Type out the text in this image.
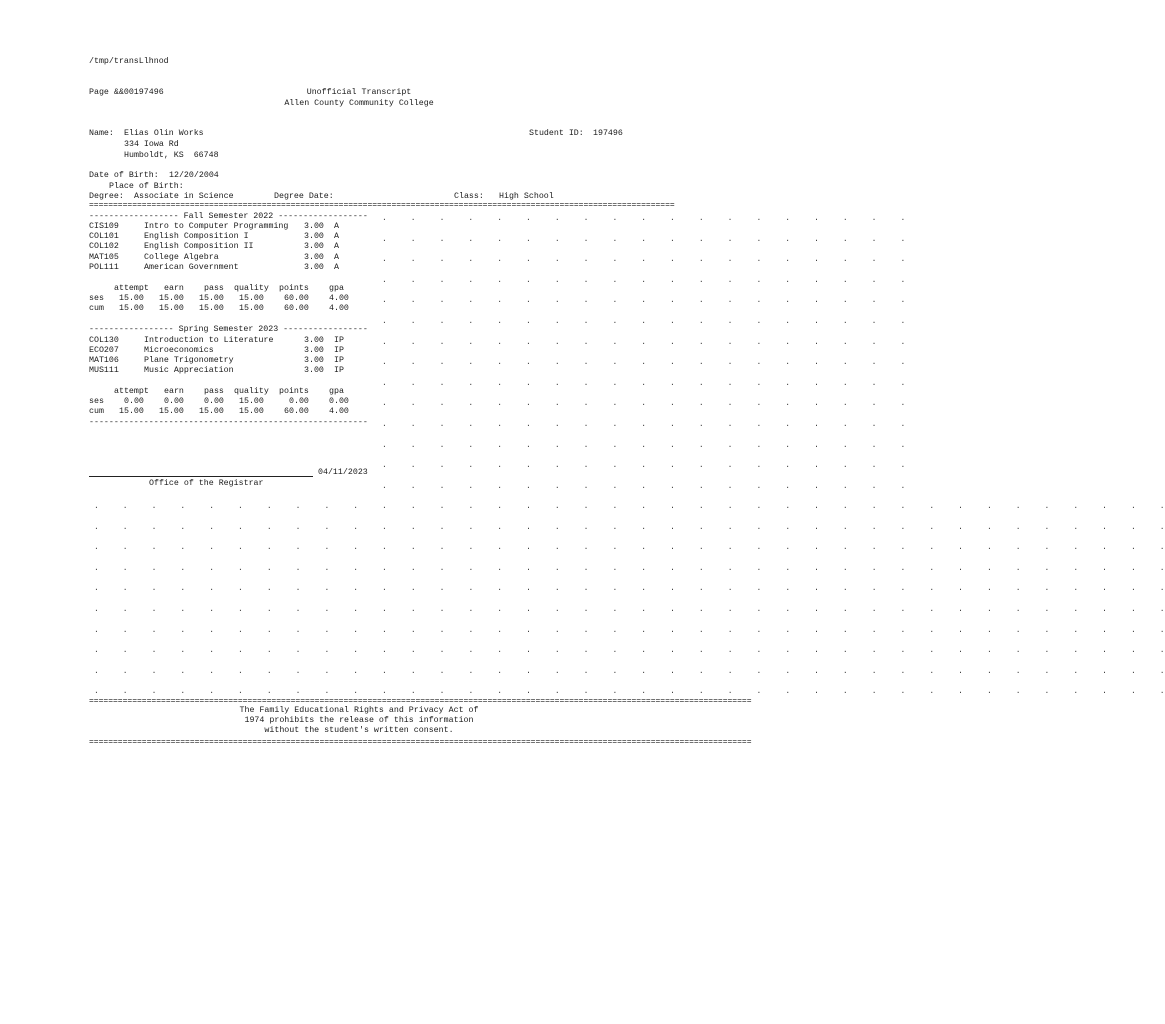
/tmp/transLlhnod
Page &&00197496	Unofficial Transcript
Allen County Community College
Name: Elias Olin Works
334 Iowa Rd
Humboldt, KS  66748
Student ID: 197496
Date of Birth: 12/20/2004
Place of Birth:
Degree: Associate in Science	Degree Date:	Class: High School
==========================================================================================================================
------------------ Fall Semester 2022 ------------------
CIS109	Intro to Computer Programming 3.00 A
COL101	English Composition I	3.00 A
COL102	English Composition II	3.00 A
MAT105	College Algebra	3.00 A
POL111	American Government	3.00 A
attempt earn pass quality points gpa
ses 15.00 15.00 15.00 15.00 60.00 4.00
cum 15.00 15.00 15.00 15.00 60.00 4.00
----------------- Spring Semester 2023 -----------------
COL130	Introduction to Literature	3.00 IP
ECO207	Microeconomics	3.00 IP
MAT106	Plane Trigonometry	3.00 IP
MUS111	Music Appreciation	3.00 IP
attempt earn pass quality points gpa
ses 0.00 0.00 0.00 15.00	0.00 0.00
cum 15.00 15.00 15.00 15.00 60.00 4.00
--------------------------------------------------------
04/11/2023
Office of the Registrar
.     .     .     .     .     .     .     .     .     .     .     .     .     .     .     .     .     .     .
.     .     .     .     .     .     .     .     .     .     .     .     .     .     .     .     .     .     .
.     .     .     .     .     .     .     .     .     .     .     .     .     .     .     .     .     .     .
.     .     .     .     .     .     .     .     .     .     .     .     .     .     .     .     .     .     .
.     .     .     .     .     .     .     .     .     .     .     .     .     .     .     .     .     .     .
.     .     .     .     .     .     .     .     .     .     .     .     .     .     .     .     .     .     .
.     .     .     .     .     .     .     .     .     .     .     .     .     .     .     .     .     .     .
.     .     .     .     .     .     .     .     .     .     .     .     .     .     .     .     .     .     .
.     .     .     .     .     .     .     .     .     .     .     .     .     .     .     .     .     .     .
.     .     .     .     .     .     .     .     .     .     .     .     .     .     .     .     .     .     .
.     .     .     .     .     .     .     .     .     .     .     .     .     .     .     .     .     .     .
.     .     .     .     .     .     .     .     .     .     .     .     .     .     .     .     .     .     .
.     .     .     .     .     .     .     .     .     .     .     .     .     .     .     .     .     .     .
.     .     .     .     .     .     .     .     .     .     .     .     .     .     .     .     .     .     .
.     .     .     .     .     .     .     .     .     .     .     .     .     .     .     .     .     .     .     .     .     .     .     .     .     .     .     .     .     .     .     .     .     .     .     .     .     .
.     .     .     .     .     .     .     .     .     .     .     .     .     .     .     .     .     .     .     .     .     .     .     .     .     .     .     .     .     .     .     .     .     .     .     .     .     .
.     .     .     .     .     .     .     .     .     .     .     .     .     .     .     .     .     .     .     .     .     .     .     .     .     .     .     .     .     .     .     .     .     .     .     .     .     .
.     .     .     .     .     .     .     .     .     .     .     .     .     .     .     .     .     .     .     .     .     .     .     .     .     .     .     .     .     .     .     .     .     .     .     .     .     .
.     .     .     .     .     .     .     .     .     .     .     .     .     .     .     .     .     .     .     .     .     .     .     .     .     .     .     .     .     .     .     .     .     .     .     .     .     .
.     .     .     .     .     .     .     .     .     .     .     .     .     .     .     .     .     .     .     .     .     .     .     .     .     .     .     .     .     .     .     .     .     .     .     .     .     .
.     .     .     .     .     .     .     .     .     .     .     .     .     .     .     .     .     .     .     .     .     .     .     .     .     .     .     .     .     .     .     .     .     .     .     .     .     .
.     .     .     .     .     .     .     .     .     .     .     .     .     .     .     .     .     .     .     .     .     .     .     .     .     .     .     .     .     .     .     .     .     .     .     .     .     .
.     .     .     .     .     .     .     .     .     .     .     .     .     .     .     .     .     .     .     .     .     .     .     .     .     .     .     .     .     .     .     .     .     .     .     .     .     .
.     .     .     .     .     .     .     .     .     .     .     .     .     .     .     .     .     .     .     .     .     .     .     .     .     .     .     .     .     .     .     .     .     .     .     .     .     .
==========================================================================================================================================
The Family Educational Rights and Privacy Act of
1974 prohibits the release of this information
without the student's written consent.
==========================================================================================================================================
